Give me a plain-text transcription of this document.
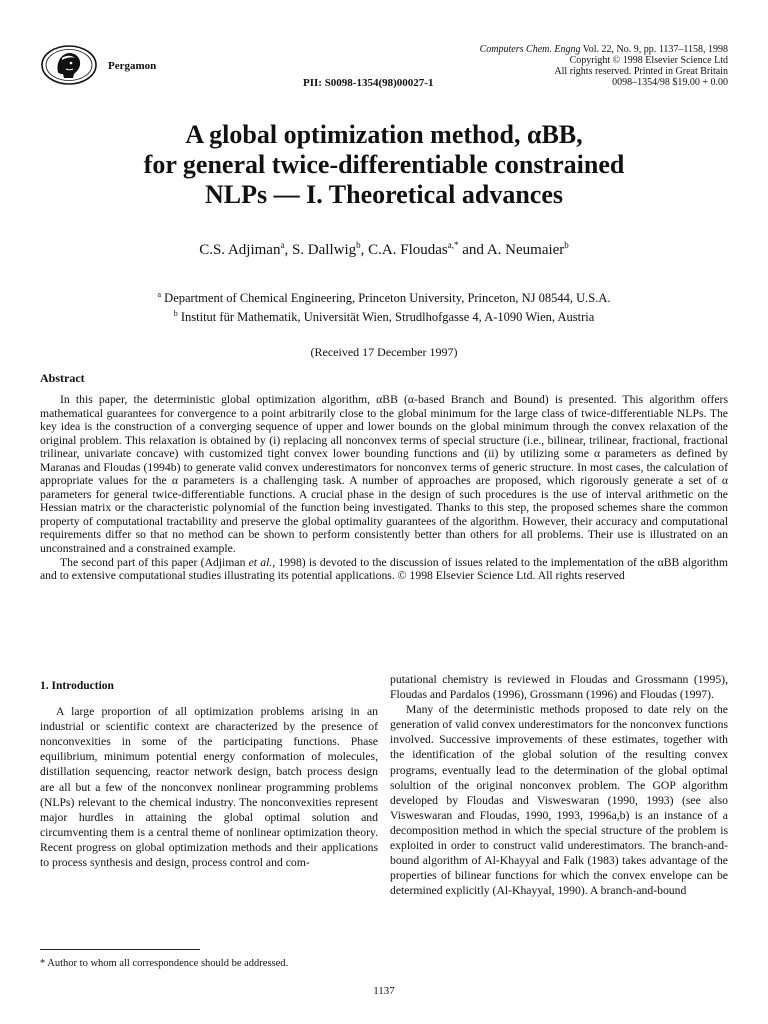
Pergamon
Computers Chem. Engng Vol. 22, No. 9, pp. 1137–1158, 1998
Copyright © 1998 Elsevier Science Ltd
All rights reserved. Printed in Great Britain
0098–1354/98 $19.00 + 0.00
PII: S0098-1354(98)00027-1
A global optimization method, αBB,
for general twice-differentiable constrained
NLPs — I. Theoretical advances
C.S. Adjiman$^a$, S. Dallwig$^b$, C.A. Floudas$^{a,*}$ and A. Neumaier$^b$
$^a$ Department of Chemical Engineering, Princeton University, Princeton, NJ 08544, U.S.A.
$^b$ Institut für Mathematik, Universität Wien, Strudlhofgasse 4, A-1090 Wien, Austria
(Received 17 December 1997)
Abstract

In this paper, the deterministic global optimization algorithm, αBB (α-based Branch and Bound) is presented. This algorithm offers mathematical guarantees for convergence to a point arbitrarily close to the global minimum for the large class of twice-differentiable NLPs. The key idea is the construction of a converging sequence of upper and lower bounds on the global minimum through the convex relaxation of the original problem. This relaxation is obtained by (i) replacing all nonconvex terms of special structure (i.e., bilinear, trilinear, fractional, fractional trilinear, univariate concave) with customized tight convex lower bounding functions and (ii) by utilizing some α parameters as defined by Maranas and Floudas (1994b) to generate valid convex underestimators for nonconvex terms of generic structure. In most cases, the calculation of appropriate values for the α parameters is a challenging task. A number of approaches are proposed, which rigorously generate a set of α parameters for general twice-differentiable functions. A crucial phase in the design of such procedures is the use of interval arithmetic on the Hessian matrix or the characteristic polynomial of the function being investigated. Thanks to this step, the proposed schemes share the common property of computational tractability and preserve the global optimality guarantees of the algorithm. However, their accuracy and computational requirements differ so that no method can be shown to perform consistently better than others for all problems. Their use is illustrated on an unconstrained and a constrained example.

The second part of this paper (Adjiman et al., 1998) is devoted to the discussion of issues related to the implementation of the αBB algorithm and to extensive computational studies illustrating its potential applications. © 1998 Elsevier Science Ltd. All rights reserved

1. Introduction

A large proportion of all optimization problems arising in an industrial or scientific context are characterized by the presence of nonconvexities in some of the participating functions. Phase equilibrium, minimum potential energy conformation of molecules, distillation sequencing, reactor network design, batch process design are all but a few of the nonconvex nonlinear programming problems (NLPs) relevant to the chemical industry. The nonconvexities represent major hurdles in attaining the global optimal solution and circumventing them is a central theme of nonlinear optimization theory. Recent progress on global optimization methods and their applications to process synthesis and design, process control and com-

putational chemistry is reviewed in Floudas and Grossmann (1995), Floudas and Pardalos (1996), Grossmann (1996) and Floudas (1997).

Many of the deterministic methods proposed to date rely on the generation of valid convex underestimators for the nonconvex functions involved. Successive improvements of these estimates, together with the identification of the global solution of the resulting convex programs, eventually lead to the determination of the global optimal solultion of the original nonconvex problem. The GOP algorithm developed by Floudas and Visweswaran (1990, 1993) (see also Visweswaran and Floudas, 1990, 1993, 1996a,b) is an instance of a decomposition method in which the special structure of the problem is exploited in order to construct valid underestimators. The branch-and-bound algorithm of Al-Khayyal and Falk (1983) takes advantage of the properties of bilinear functions for which the convex envelope can be determined explicitly (Al-Khayyal, 1990). A branch-and-bound

* Author to whom all correspondence should be addressed.
1137
